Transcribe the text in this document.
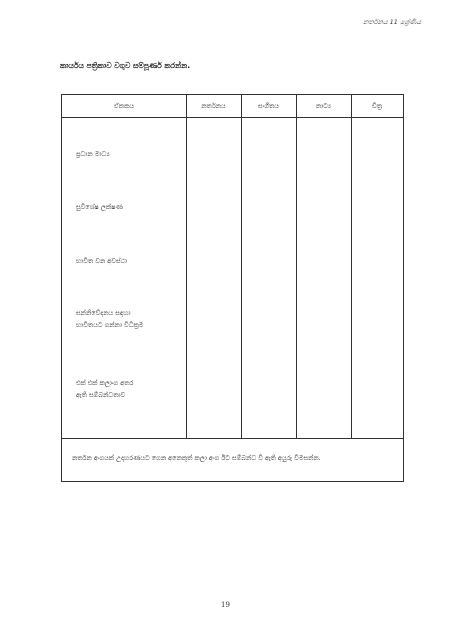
නර්තනය 11 ශ්‍රේණිය
කාර්යය පත්‍රිකාව වගුව සම්පූර්ණ කරන්න.
ඒකකය	නර්තනය	සංගීතය	නාට්‍ය	චිත්‍ර
ප්‍රධාන මාධ්‍ය
සුවිශේෂ ලක්ෂණ
භාවිත වන අවස්ථා
සන්නිවේදනය සඳහා
භාවිතයට ගන්නා විධික්‍රම
එක් එක් කලාංග අතර
ඇති සම්බන්ධතාව
නර්තන අංගයක් උදාහරණයට ගෙන අනෙකුත් කලා අංග ඊට සම්බන්ධ වී ඇති අයුරු විමසන්න.
19
